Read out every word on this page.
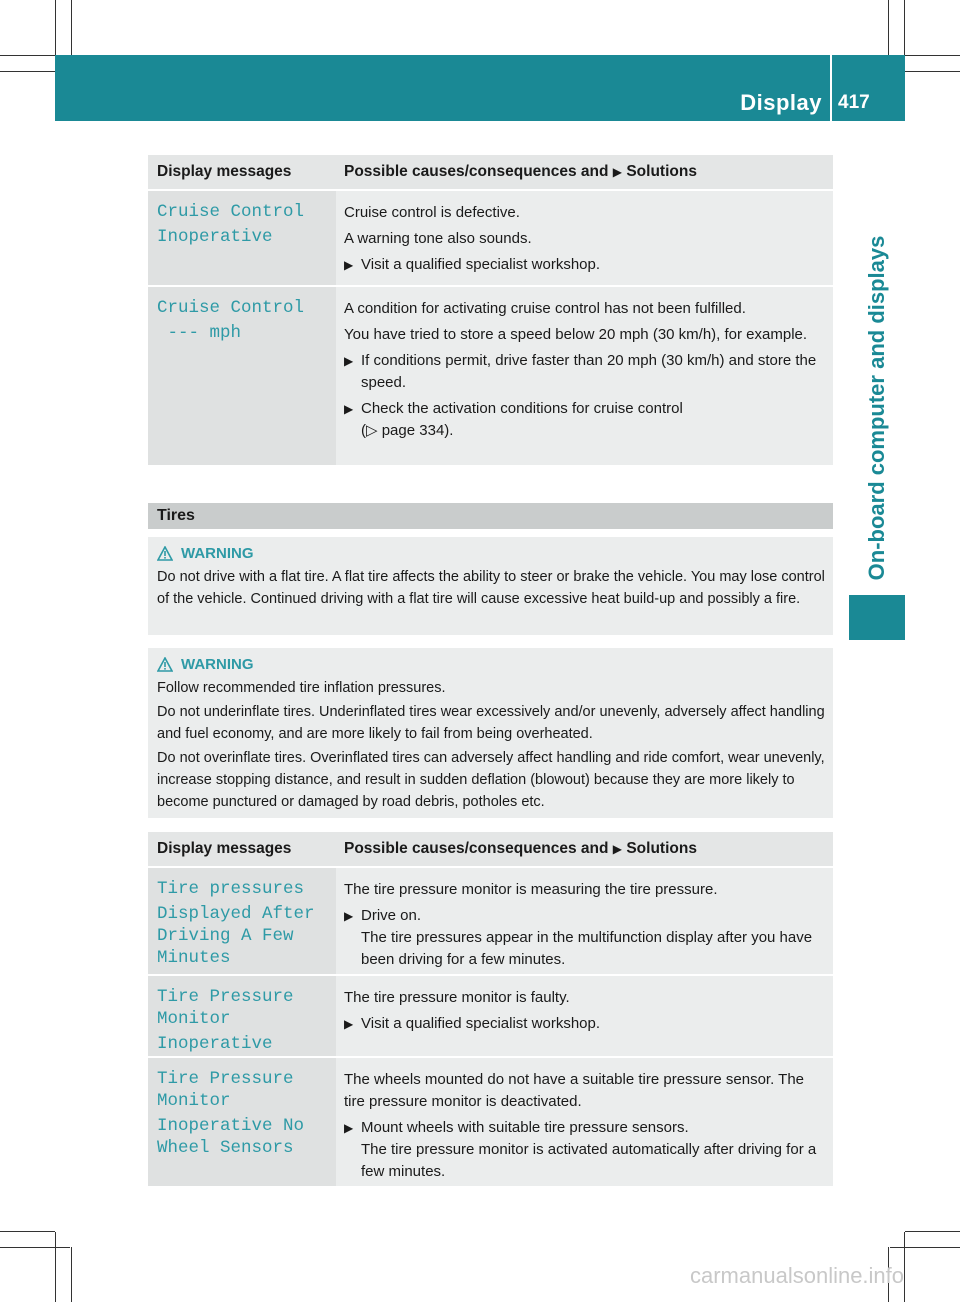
Display messages
417
On-board computer and displays
Display messages	Possible causes/consequences and ▶ Solutions
Cruise Control
Inoperative

Cruise control is defective.

A warning tone also sounds.

▶ Visit a qualified specialist workshop.
Cruise Control
--- mph

A condition for activating cruise control has not been fulfilled.

You have tried to store a speed below 20 mph (30 km/h), for example.

▶ If conditions permit, drive faster than 20 mph (30 km/h) and store the speed.
▶ Check the activation conditions for cruise control
(▷ page 334).
Tires
WARNING

Do not drive with a flat tire. A flat tire affects the ability to steer or brake the vehicle. You may lose control of the vehicle. Continued driving with a flat tire will cause excessive heat build-up and possibly a fire.

WARNING

Follow recommended tire inflation pressures.

Do not underinflate tires. Underinflated tires wear excessively and/or unevenly, adversely affect handling and fuel economy, and are more likely to fail from being overheated.

Do not overinflate tires. Overinflated tires can adversely affect handling and ride comfort, wear unevenly, increase stopping distance, and result in sudden deflation (blowout) because they are more likely to become punctured or damaged by road debris, potholes etc.

Display messages	Possible causes/consequences and ▶ Solutions
Tire pressures
Displayed After Driving A Few Minutes

The tire pressure monitor is measuring the tire pressure.

▶ Drive on.
The tire pressures appear in the multifunction display after you have been driving for a few minutes.
Tire Pressure Monitor
Inoperative

The tire pressure monitor is faulty.

▶ Visit a qualified specialist workshop.
Tire Pressure Monitor
Inoperative No Wheel Sensors

The wheels mounted do not have a suitable tire pressure sensor. The tire pressure monitor is deactivated.

▶ Mount wheels with suitable tire pressure sensors.
The tire pressure monitor is activated automatically after driving for a few minutes.
carmanualsonline.info
